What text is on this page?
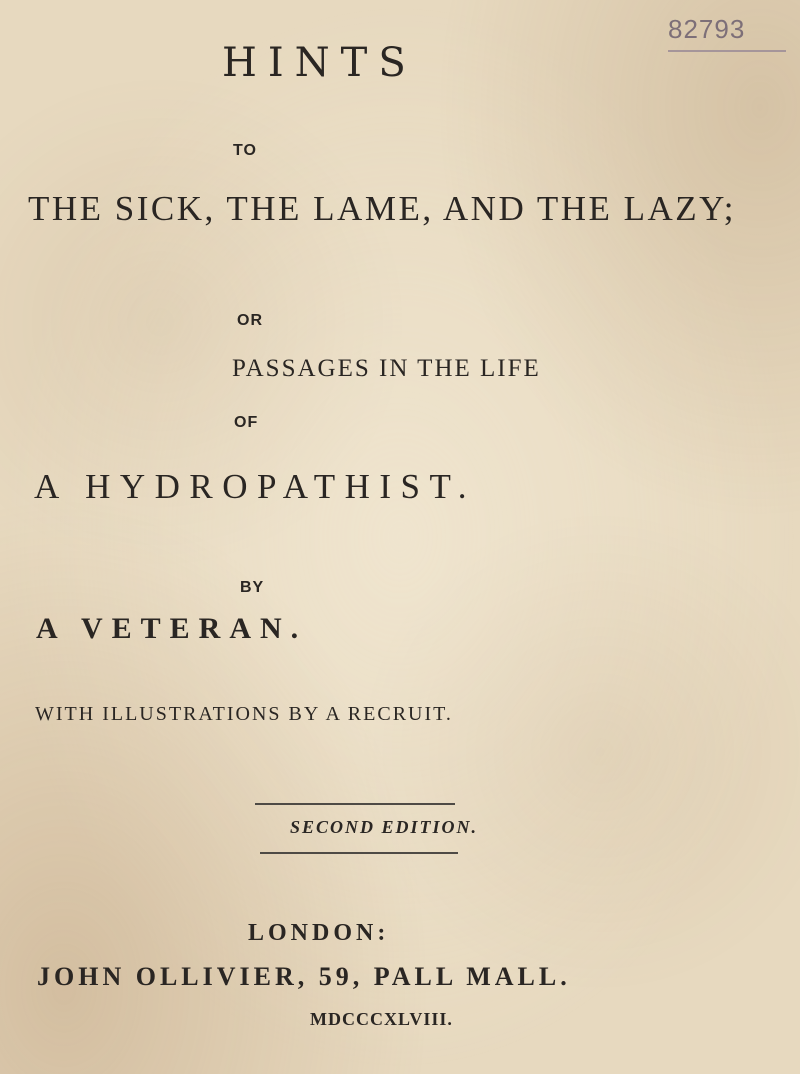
82793
HINTS
TO
THE SICK, THE LAME, AND THE LAZY;
OR
PASSAGES IN THE LIFE
OF
A HYDROPATHIST.
BY
A VETERAN.
WITH ILLUSTRATIONS BY A RECRUIT.
SECOND EDITION.
LONDON:
JOHN OLLIVIER, 59, PALL MALL.
MDCCCXLVIII.
